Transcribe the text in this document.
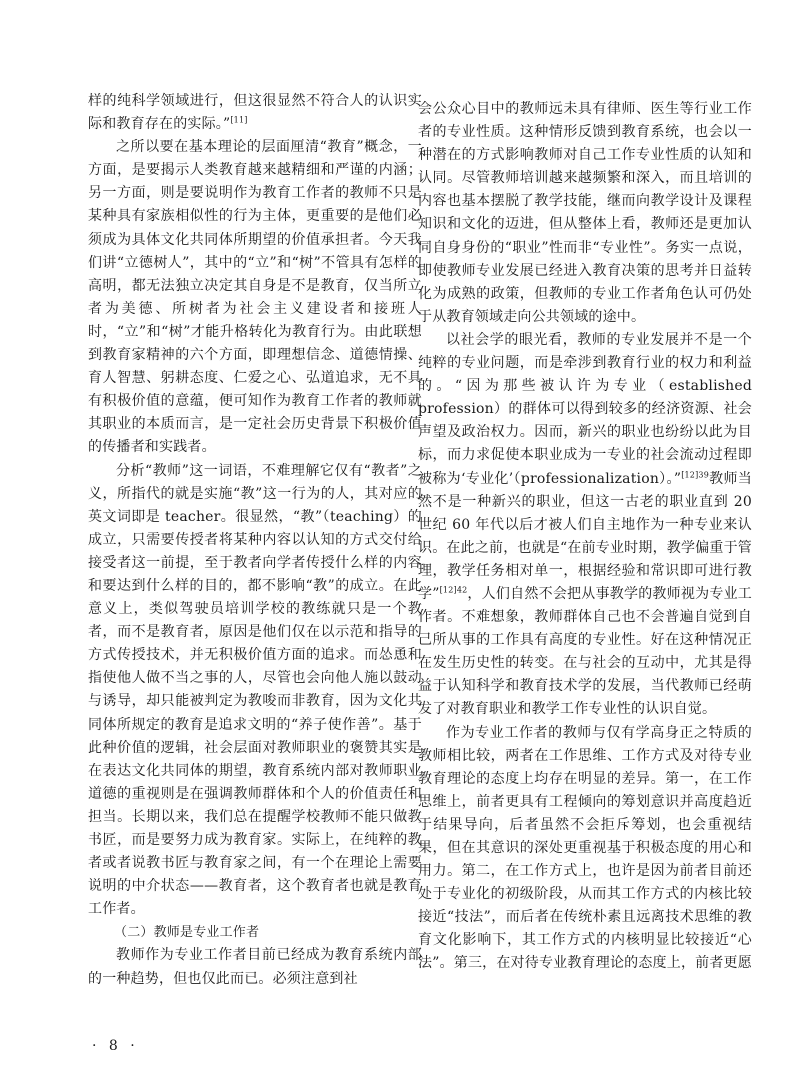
样的纯科学领域进行，但这很显然不符合人的认识实际和教育存在的实际。”[11]

之所以要在基本理论的层面厘清“教育”概念，一方面，是要揭示人类教育越来越精细和严谨的内涵；另一方面，则是要说明作为教育工作者的教师不只是某种具有家族相似性的行为主体，更重要的是他们必须成为具体文化共同体所期望的价值承担者。今天我们讲“立德树人”，其中的“立”和“树”不管具有怎样的高明，都无法独立决定其自身是不是教育，仅当所立者为美德、所树者为社会主义建设者和接班人时，“立”和“树”才能升格转化为教育行为。由此联想到教育家精神的六个方面，即理想信念、道德情操、育人智慧、躬耕态度、仁爱之心、弘道追求，无不具有积极价值的意蕴，便可知作为教育工作者的教师就其职业的本质而言，是一定社会历史背景下积极价值的传播者和实践者。

分析“教师”这一词语，不难理解它仅有“教者”之义，所指代的就是实施“教”这一行为的人，其对应的英文词即是 teacher。很显然，“教”（teaching）的成立，只需要传授者将某种内容以认知的方式交付给接受者这一前提，至于教者向学者传授什么样的内容和要达到什么样的目的，都不影响“教”的成立。在此意义上，类似驾驶员培训学校的教练就只是一个教者，而不是教育者，原因是他们仅在以示范和指导的方式传授技术，并无积极价值方面的追求。而怂恿和指使他人做不当之事的人，尽管也会向他人施以鼓动与诱导，却只能被判定为教唆而非教育，因为文化共同体所规定的教育是追求文明的“养子使作善”。基于此种价值的逻辑，社会层面对教师职业的褒赞其实是在表达文化共同体的期望，教育系统内部对教师职业道德的重视则是在强调教师群体和个人的价值责任和担当。长期以来，我们总在提醒学校教师不能只做教书匠，而是要努力成为教育家。实际上，在纯粹的教者或者说教书匠与教育家之间，有一个在理论上需要说明的中介状态——教育者，这个教育者也就是教育工作者。

（二）教师是专业工作者

教师作为专业工作者目前已经成为教育系统内部的一种趋势，但也仅此而已。必须注意到社

会公众心目中的教师远未具有律师、医生等行业工作者的专业性质。这种情形反馈到教育系统，也会以一种潜在的方式影响教师对自己工作专业性质的认知和认同。尽管教师培训越来越频繁和深入，而且培训的内容也基本摆脱了教学技能，继而向教学设计及课程知识和文化的迈进，但从整体上看，教师还是更加认同自身身份的“职业”性而非“专业性”。务实一点说，即使教师专业发展已经进入教育决策的思考并日益转化为成熟的政策，但教师的专业工作者角色认可仍处于从教育领域走向公共领域的途中。

以社会学的眼光看，教师的专业发展并不是一个纯粹的专业问题，而是牵涉到教育行业的权力和利益的。“因为那些被认许为专业（established profession）的群体可以得到较多的经济资源、社会声望及政治权力。因而，新兴的职业也纷纷以此为目标，而力求促使本职业成为一专业的社会流动过程即被称为‘专业化’（professionalization）。”$^{[12]39}$教师当然不是一种新兴的职业，但这一古老的职业直到 20 世纪 60 年代以后才被人们自主地作为一种专业来认识。在此之前，也就是“在前专业时期，教学偏重于管理，教学任务相对单一，根据经验和常识即可进行教学”$^{[12]42}$，人们自然不会把从事教学的教师视为专业工作者。不难想象，教师群体自己也不会普遍自觉到自己所从事的工作具有高度的专业性。好在这种情况正在发生历史性的转变。在与社会的互动中，尤其是得益于认知科学和教育技术学的发展，当代教师已经萌发了对教育职业和教学工作专业性的认识自觉。

作为专业工作者的教师与仅有学高身正之特质的教师相比较，两者在工作思维、工作方式及对待专业教育理论的态度上均存在明显的差异。第一，在工作思维上，前者更具有工程倾向的筹划意识并高度趋近于结果导向，后者虽然不会拒斥筹划，也会重视结果，但在其意识的深处更重视基于积极态度的用心和用力。第二，在工作方式上，也许是因为前者目前还处于专业化的初级阶段，从而其工作方式的内核比较接近“技法”，而后者在传统朴素且远离技术思维的教育文化影响下，其工作方式的内核明显比较接近“心法”。第三，在对待专业教育理论的态度上，前者更愿

· 8 ·
